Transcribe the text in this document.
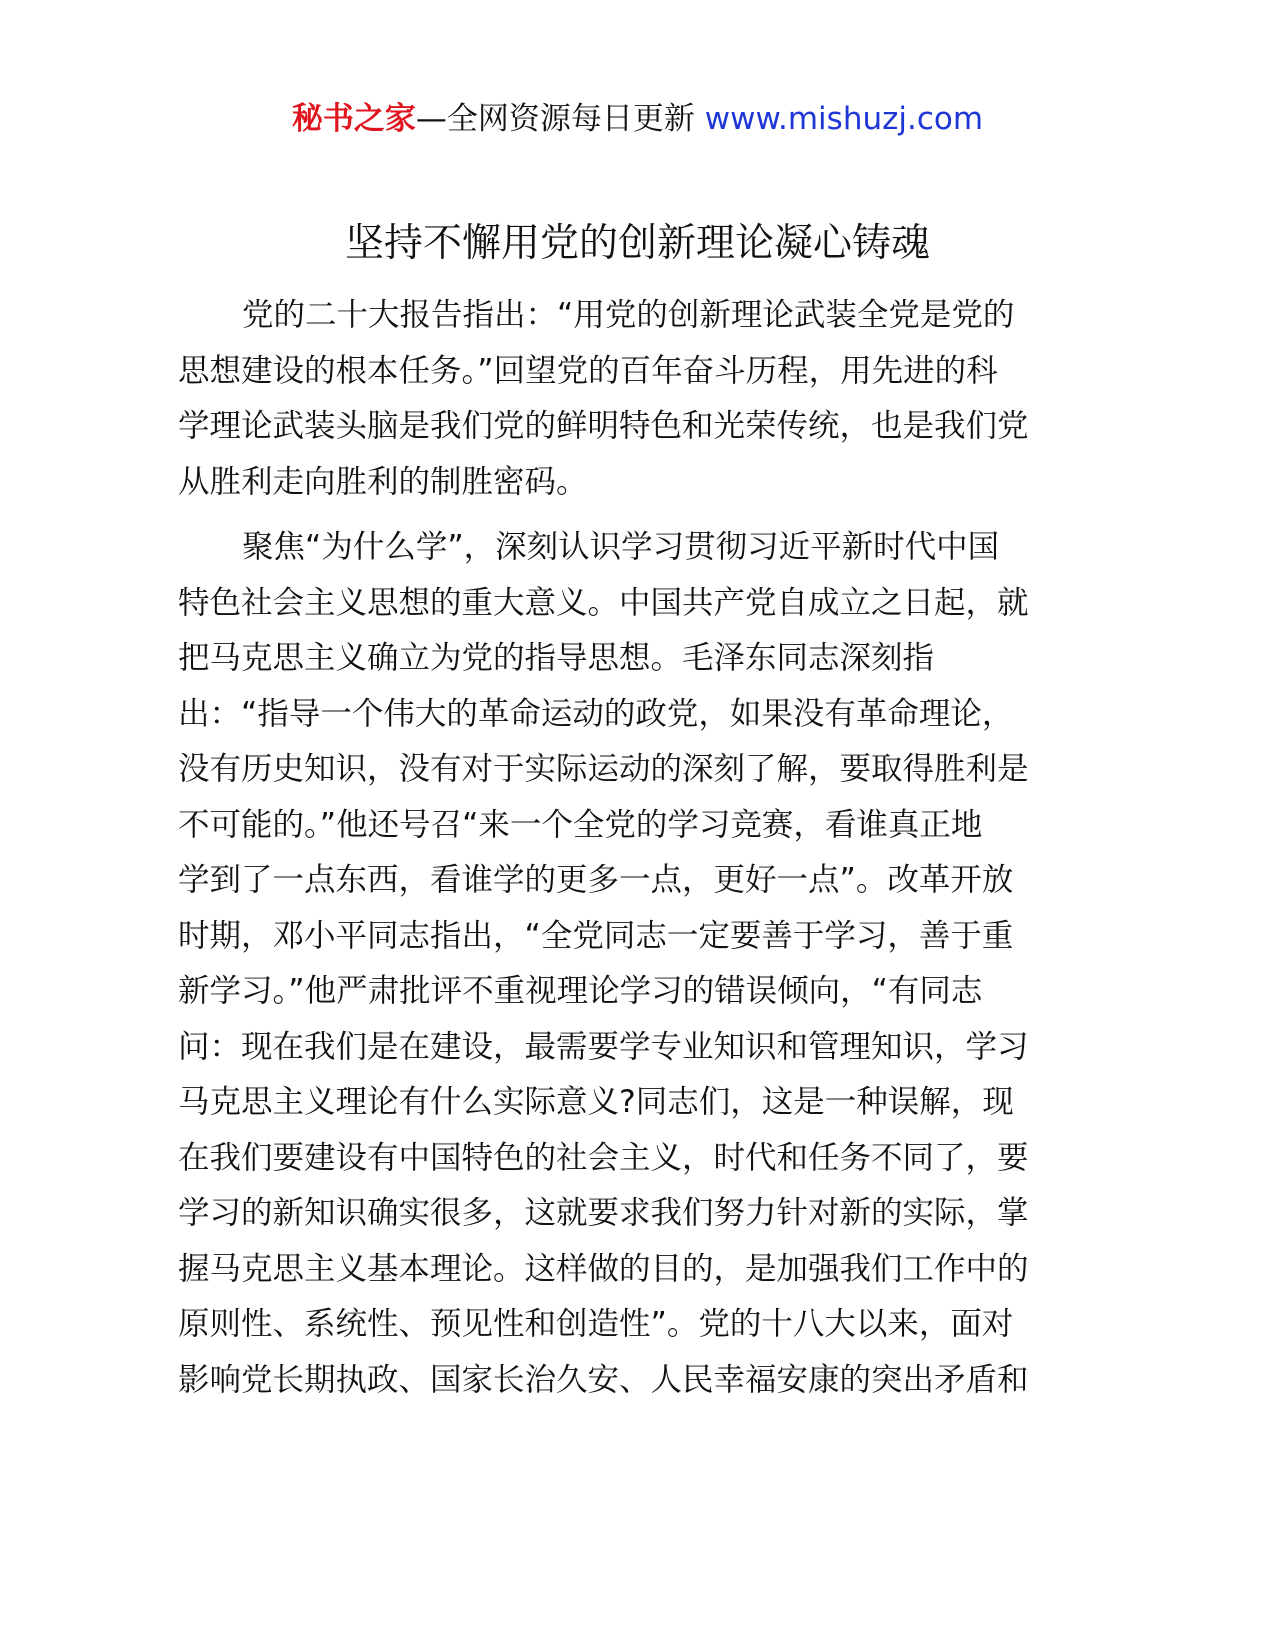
秘书之家—全网资源每日更新 www.mishuzj.com
坚持不懈用党的创新理论凝心铸魂
党的二十大报告指出：“用党的创新理论武装全党是党的
思想建设的根本任务。”回望党的百年奋斗历程，用先进的科
学理论武装头脑是我们党的鲜明特色和光荣传统，也是我们党
从胜利走向胜利的制胜密码。
聚焦“为什么学”，深刻认识学习贯彻习近平新时代中国
特色社会主义思想的重大意义。中国共产党自成立之日起，就
把马克思主义确立为党的指导思想。毛泽东同志深刻指
出：“指导一个伟大的革命运动的政党，如果没有革命理论，
没有历史知识，没有对于实际运动的深刻了解，要取得胜利是
不可能的。”他还号召“来一个全党的学习竞赛，看谁真正地
学到了一点东西，看谁学的更多一点，更好一点”。改革开放
时期，邓小平同志指出，“全党同志一定要善于学习，善于重
新学习。”他严肃批评不重视理论学习的错误倾向，“有同志
问：现在我们是在建设，最需要学专业知识和管理知识，学习
马克思主义理论有什么实际意义?同志们，这是一种误解，现
在我们要建设有中国特色的社会主义，时代和任务不同了，要
学习的新知识确实很多，这就要求我们努力针对新的实际，掌
握马克思主义基本理论。这样做的目的，是加强我们工作中的
原则性、系统性、预见性和创造性”。党的十八大以来，面对
影响党长期执政、国家长治久安、人民幸福安康的突出矛盾和
